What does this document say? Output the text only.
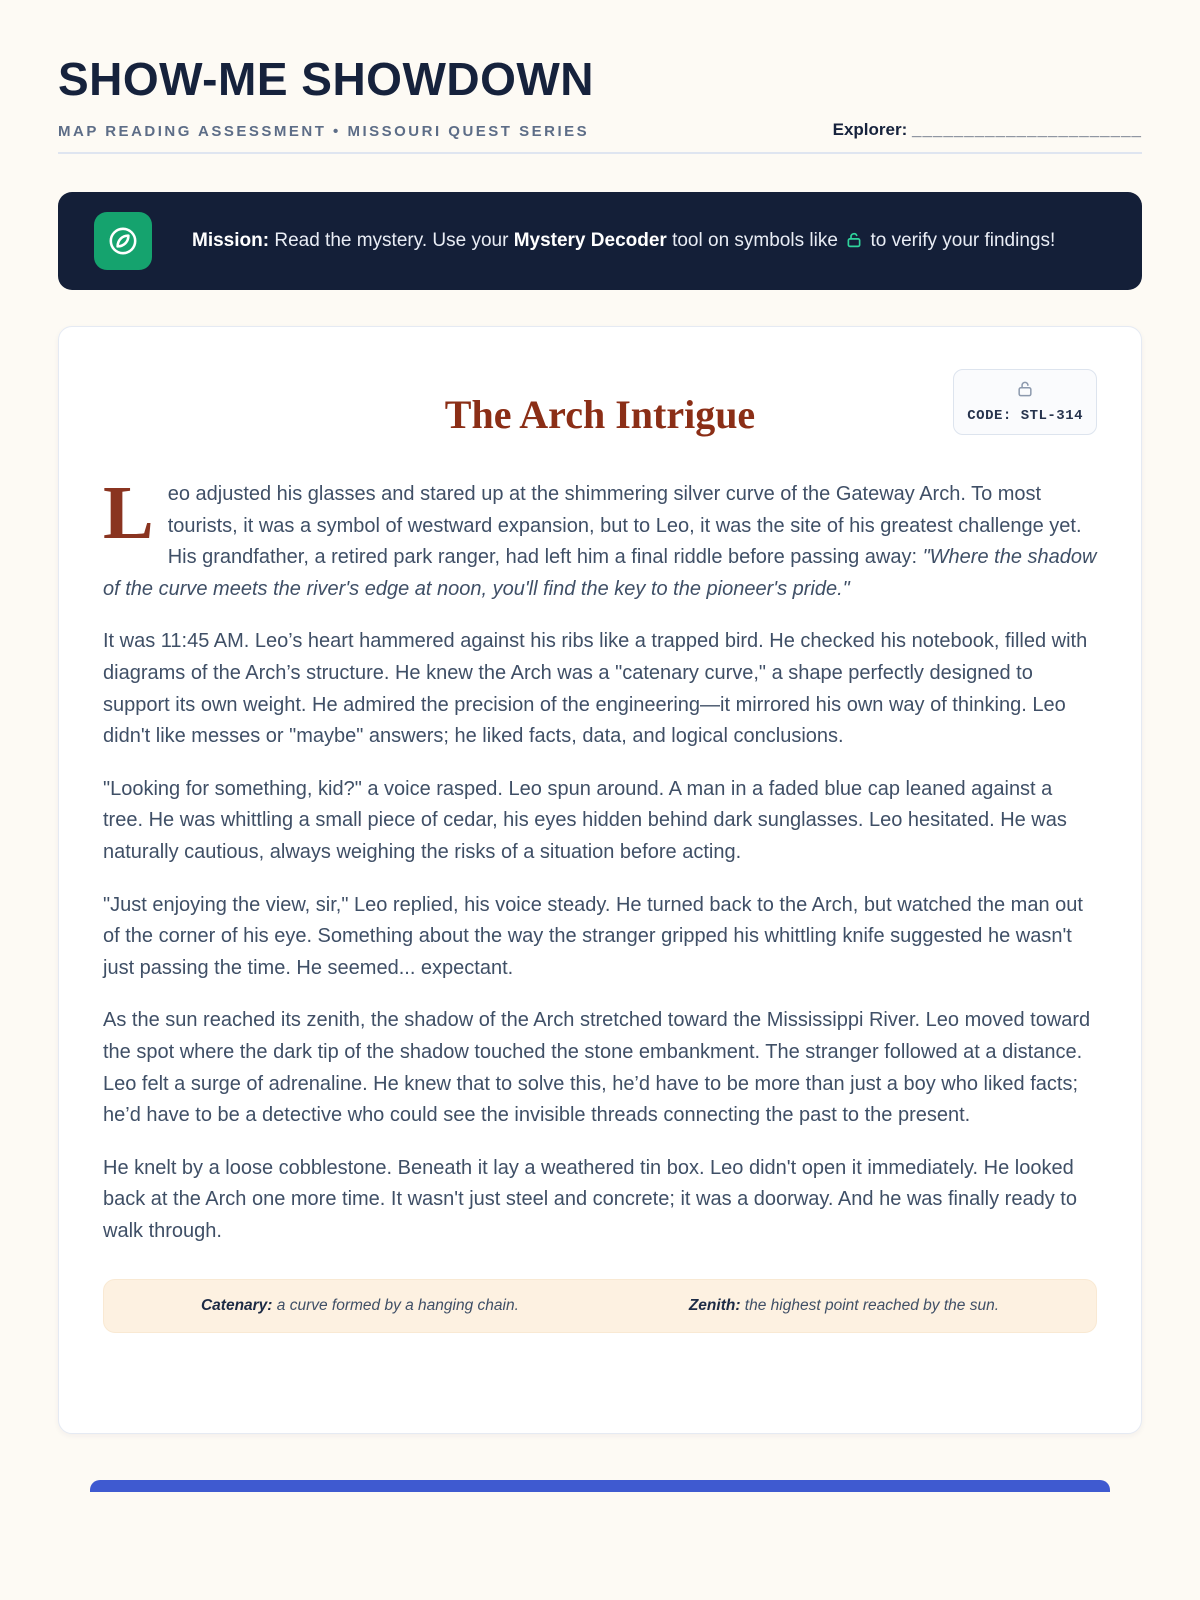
SHOW-ME SHOWDOWN
MAP READING ASSESSMENT • MISSOURI QUEST SERIES	Explorer: ______________________

Mission: Read the mystery. Use your Mystery Decoder tool on symbols like  to verify your findings!

The Arch Intrigue	CODE: STL-314

Leo adjusted his glasses and stared up at the shimmering silver curve of the Gateway Arch. To most tourists, it was a symbol of westward expansion, but to Leo, it was the site of his greatest challenge yet. His grandfather, a retired park ranger, had left him a final riddle before passing away: "Where the shadow of the curve meets the river's edge at noon, you'll find the key to the pioneer's pride."

It was 11:45 AM. Leo’s heart hammered against his ribs like a trapped bird. He checked his notebook, filled with diagrams of the Arch’s structure. He knew the Arch was a "catenary curve," a shape perfectly designed to support its own weight. He admired the precision of the engineering—it mirrored his own way of thinking. Leo didn't like messes or "maybe" answers; he liked facts, data, and logical conclusions.

"Looking for something, kid?" a voice rasped. Leo spun around. A man in a faded blue cap leaned against a tree. He was whittling a small piece of cedar, his eyes hidden behind dark sunglasses. Leo hesitated. He was naturally cautious, always weighing the risks of a situation before acting.

"Just enjoying the view, sir," Leo replied, his voice steady. He turned back to the Arch, but watched the man out of the corner of his eye. Something about the way the stranger gripped his whittling knife suggested he wasn't just passing the time. He seemed... expectant.

As the sun reached its zenith, the shadow of the Arch stretched toward the Mississippi River. Leo moved toward the spot where the dark tip of the shadow touched the stone embankment. The stranger followed at a distance. Leo felt a surge of adrenaline. He knew that to solve this, he’d have to be more than just a boy who liked facts; he’d have to be a detective who could see the invisible threads connecting the past to the present.

He knelt by a loose cobblestone. Beneath it lay a weathered tin box. Leo didn't open it immediately. He looked back at the Arch one more time. It wasn't just steel and concrete; it was a doorway. And he was finally ready to walk through.

Catenary: a curve formed by a hanging chain.	Zenith: the highest point reached by the sun.
